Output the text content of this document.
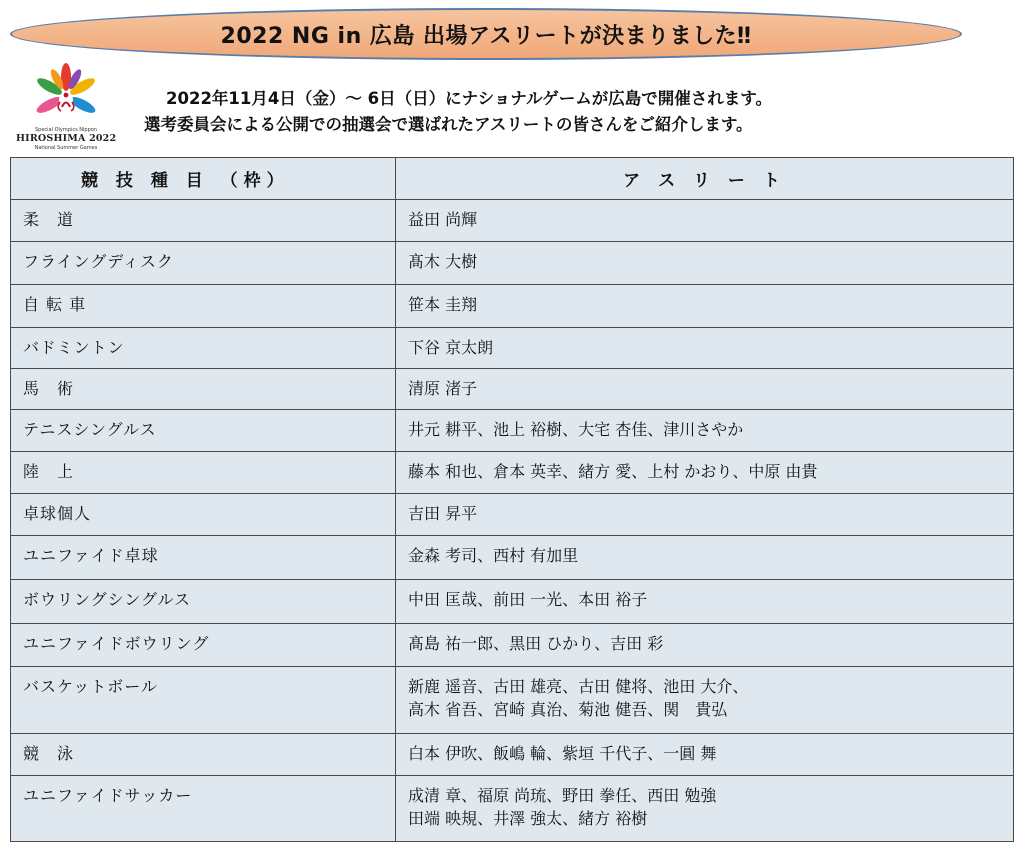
2022 NG in 広島 出場アスリートが決まりました‼
Special Olympics Nippon
HIROSHIMA 2022
National Summer Games
2022年11月4日（金）～ 6日（日）にナショナルゲームが広島で開催されます。
選考委員会による公開での抽選会で選ばれたアスリートの皆さんをご紹介します。
競 技 種 目 （枠）	ア ス リ ー ト
柔　道	益田 尚輝
フライングディスク	髙木 大樹
自 転 車	笹本 圭翔
バドミントン	下谷 京太朗
馬　術	清原 渚子
テニスシングルス	井元 耕平、池上 裕樹、大宅 杏佳、津川さやか
陸　上	藤本 和也、倉本 英幸、緒方 愛、上村 かおり、中原 由貴
卓球個人	吉田 昇平
ユニファイド卓球	金森 考司、西村 有加里
ボウリングシングルス	中田 匡哉、前田 一光、本田 裕子
ユニファイドボウリング	髙島 祐一郎、黒田 ひかり、吉田 彩
バスケットボール	新鹿 遥音、古田 雄亮、古田 健将、池田 大介、
高木 省吾、宮崎 真治、菊池 健吾、関　貴弘

競　泳	白本 伊吹、飯嶋 輪、紫垣 千代子、一圓 舞
ユニファイドサッカー	成清 章、福原 尚琉、野田 拳任、西田 勉強
田端 映規、井澤 強太、緒方 裕樹
